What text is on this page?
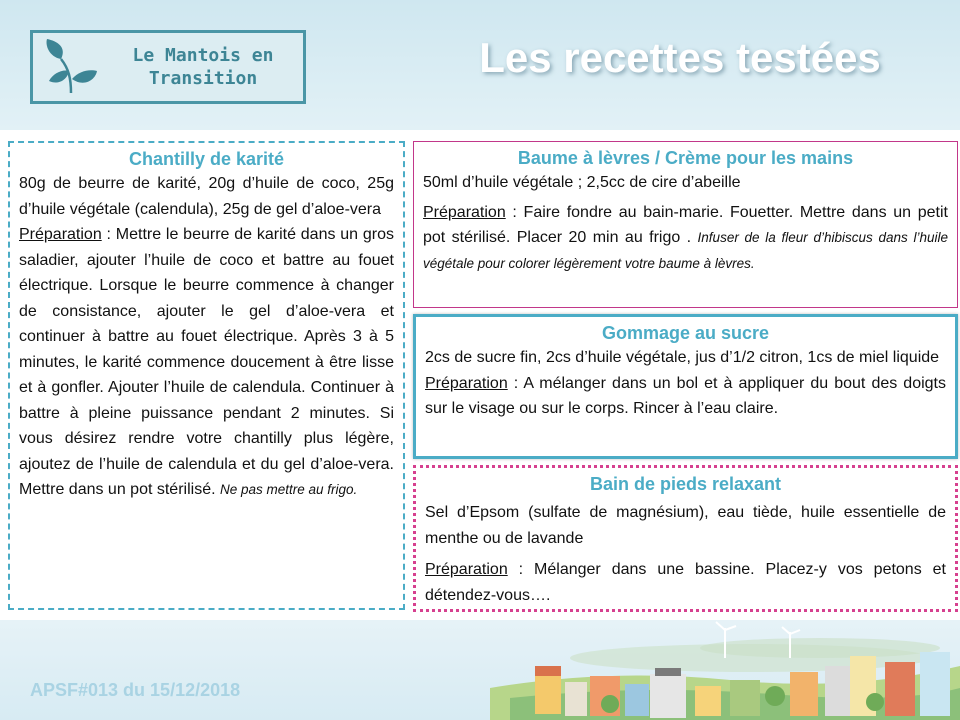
Le Mantois en Transition	Les recettes testées
Chantilly de karité

80g de beurre de karité, 20g d’huile de coco, 25g d’huile végétale (calendula), 25g de gel d’aloe-vera

Préparation : Mettre le beurre de karité dans un gros saladier, ajouter l’huile de coco et battre au fouet électrique. Lorsque le beurre commence à changer de consistance, ajouter le gel d’aloe-vera et continuer à battre au fouet électrique. Après 3 à 5 minutes, le karité commence doucement à être lisse et à gonfler. Ajouter l’huile de calendula. Continuer à battre à pleine puissance pendant 2 minutes. Si vous désirez rendre votre chantilly plus légère, ajoutez de l’huile de calendula et du gel d’aloe-vera. Mettre dans un pot stérilisé. Ne pas mettre au frigo.

Baume à lèvres / Crème pour les mains

50ml d’huile végétale ; 2,5cc de cire d’abeille

Préparation : Faire fondre au bain-marie. Fouetter. Mettre dans un petit pot stérilisé. Placer 20 min au frigo . Infuser de la fleur d’hibiscus dans l’huile végétale pour colorer légèrement votre baume à lèvres.

Gommage au sucre

2cs de sucre fin, 2cs d’huile végétale, jus d’1/2 citron, 1cs de miel liquide

Préparation : A mélanger dans un bol et à appliquer du bout des doigts sur le visage ou sur le corps. Rincer à l’eau claire.

Bain de pieds relaxant

Sel d’Epsom (sulfate de magnésium), eau tiède, huile essentielle de menthe ou de lavande

Préparation : Mélanger dans une bassine. Placez-y vos petons et détendez-vous….

APSF#013 du 15/12/2018
